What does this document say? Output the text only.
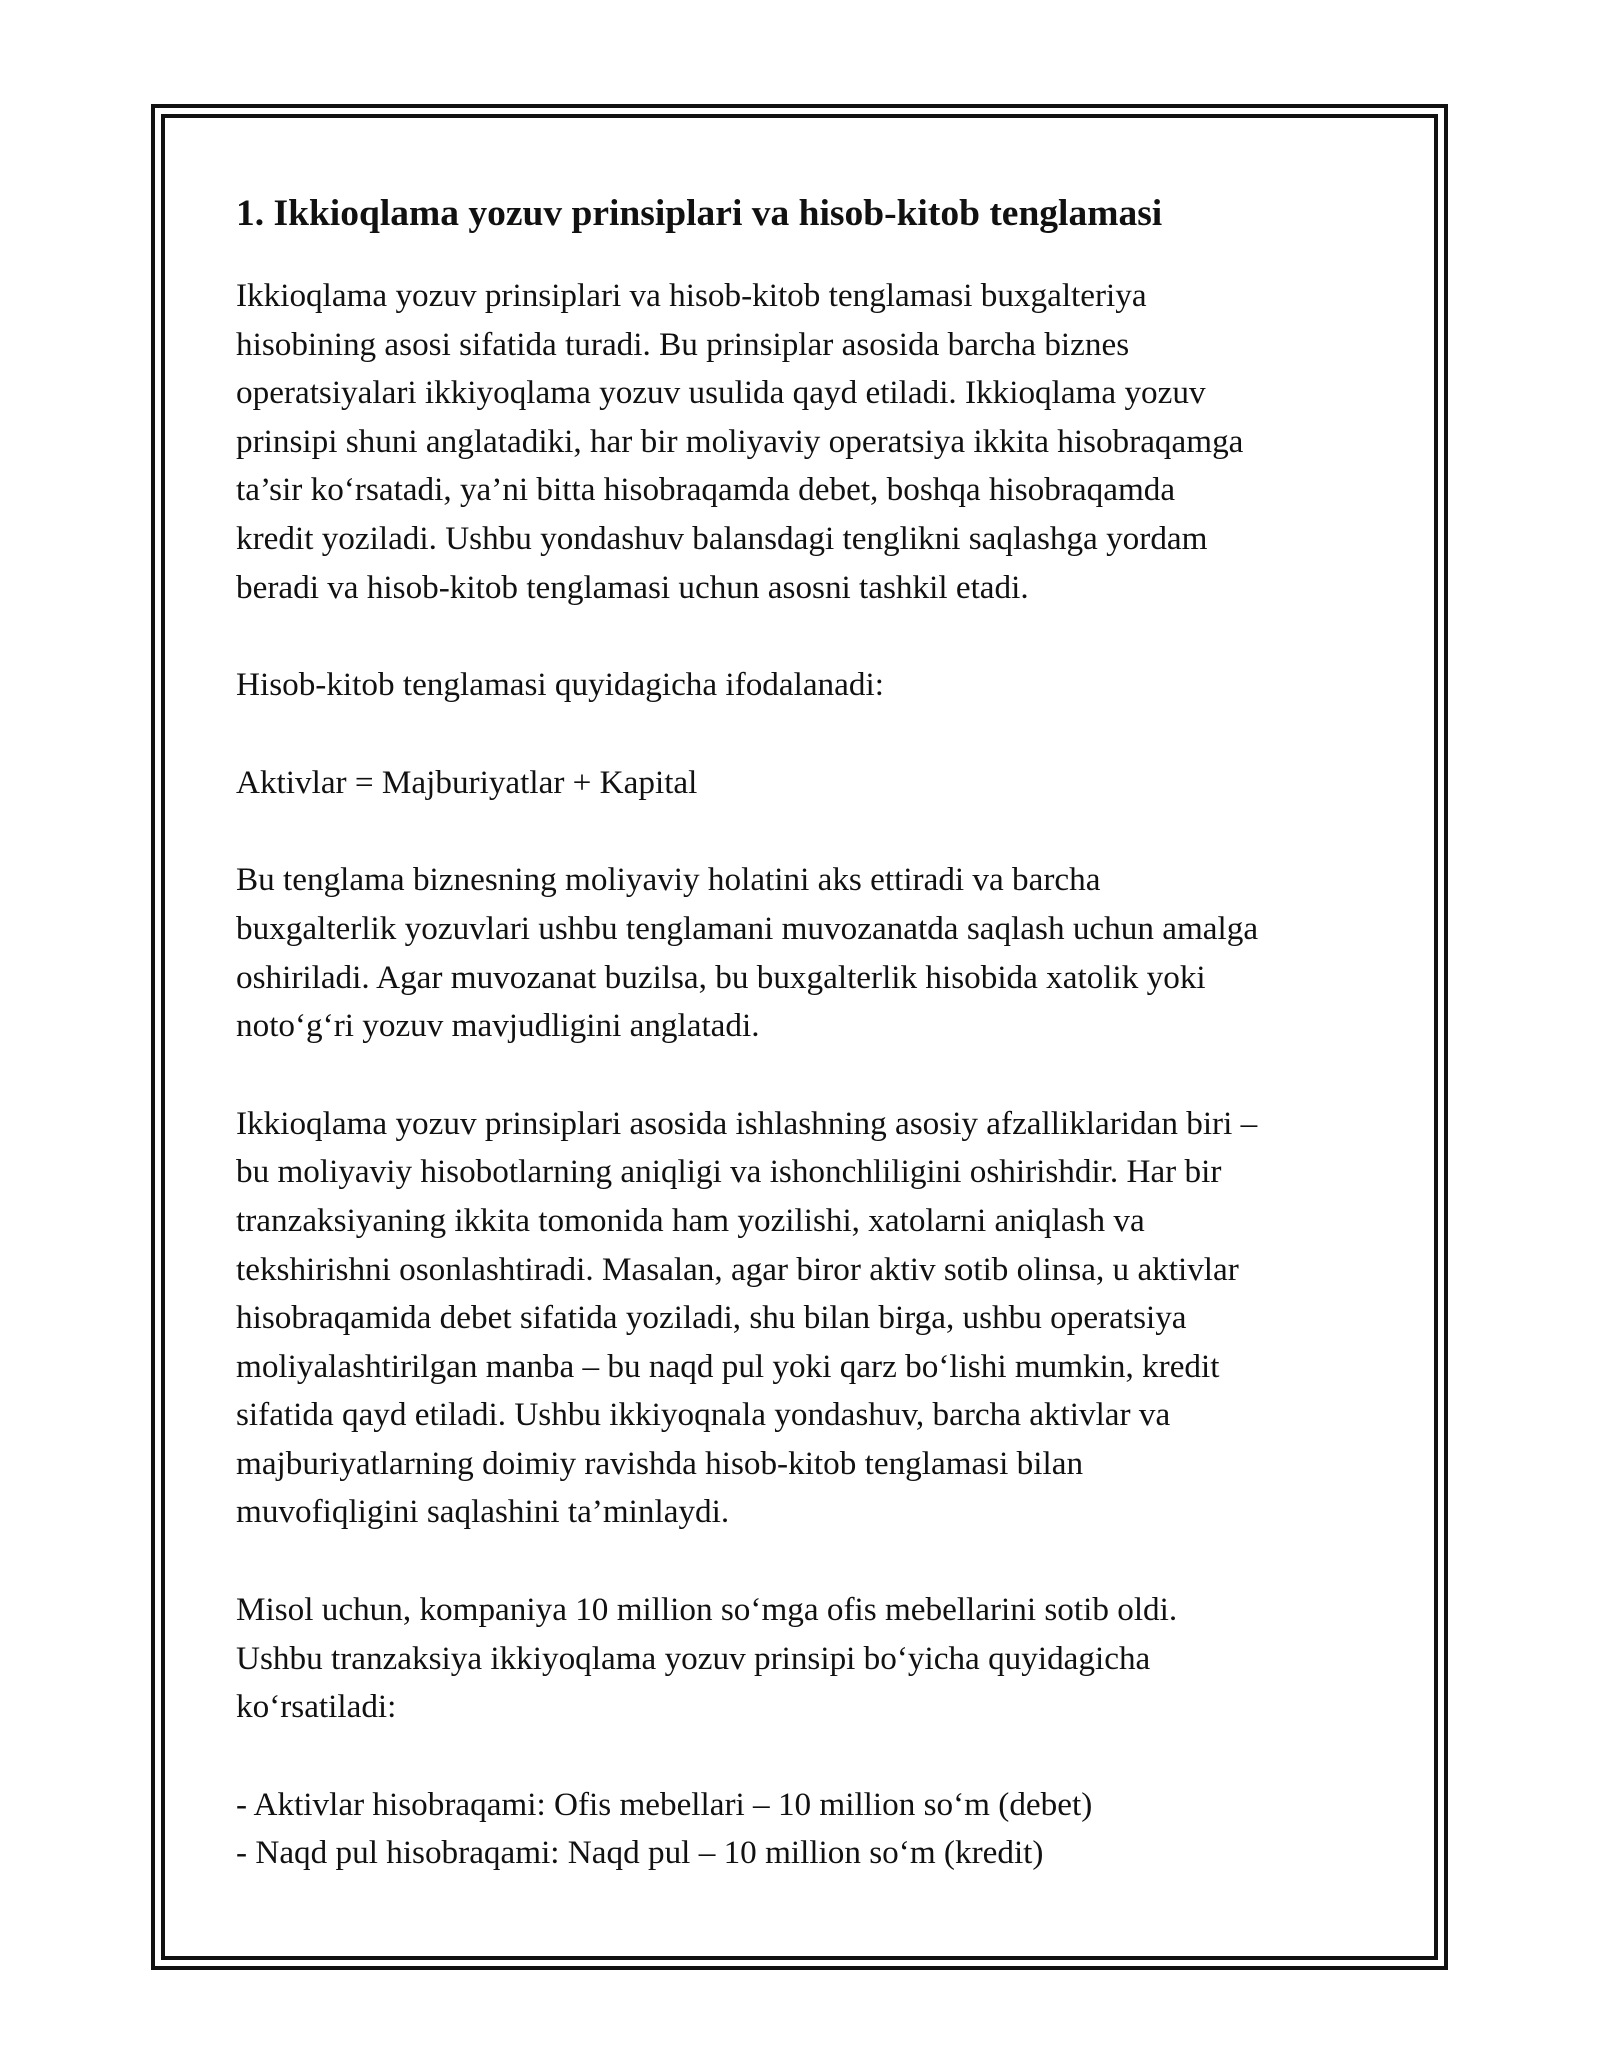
1. Ikkioqlama yozuv prinsiplari va hisob-kitob tenglamasi

Ikkioqlama yozuv prinsiplari va hisob-kitob tenglamasi buxgalteriya
hisobining asosi sifatida turadi. Bu prinsiplar asosida barcha biznes
operatsiyalari ikkiyoqlama yozuv usulida qayd etiladi. Ikkioqlama yozuv
prinsipi shuni anglatadiki, har bir moliyaviy operatsiya ikkita hisobraqamga
ta’sir ko‘rsatadi, ya’ni bitta hisobraqamda debet, boshqa hisobraqamda
kredit yoziladi. Ushbu yondashuv balansdagi tenglikni saqlashga yordam
beradi va hisob-kitob tenglamasi uchun asosni tashkil etadi.

Hisob-kitob tenglamasi quyidagicha ifodalanadi:

Aktivlar = Majburiyatlar + Kapital

Bu tenglama biznesning moliyaviy holatini aks ettiradi va barcha
buxgalterlik yozuvlari ushbu tenglamani muvozanatda saqlash uchun amalga
oshiriladi. Agar muvozanat buzilsa, bu buxgalterlik hisobida xatolik yoki
noto‘g‘ri yozuv mavjudligini anglatadi.

Ikkioqlama yozuv prinsiplari asosida ishlashning asosiy afzalliklaridan biri –
bu moliyaviy hisobotlarning aniqligi va ishonchliligini oshirishdir. Har bir
tranzaksiyaning ikkita tomonida ham yozilishi, xatolarni aniqlash va
tekshirishni osonlashtiradi. Masalan, agar biror aktiv sotib olinsa, u aktivlar
hisobraqamida debet sifatida yoziladi, shu bilan birga, ushbu operatsiya
moliyalashtirilgan manba – bu naqd pul yoki qarz bo‘lishi mumkin, kredit
sifatida qayd etiladi. Ushbu ikkiyoqnala yondashuv, barcha aktivlar va
majburiyatlarning doimiy ravishda hisob-kitob tenglamasi bilan
muvofiqligini saqlashini ta’minlaydi.

Misol uchun, kompaniya 10 million so‘mga ofis mebellarini sotib oldi.
Ushbu tranzaksiya ikkiyoqlama yozuv prinsipi bo‘yicha quyidagicha
ko‘rsatiladi:

- Aktivlar hisobraqami: Ofis mebellari – 10 million so‘m (debet)
- Naqd pul hisobraqami: Naqd pul – 10 million so‘m (kredit)
